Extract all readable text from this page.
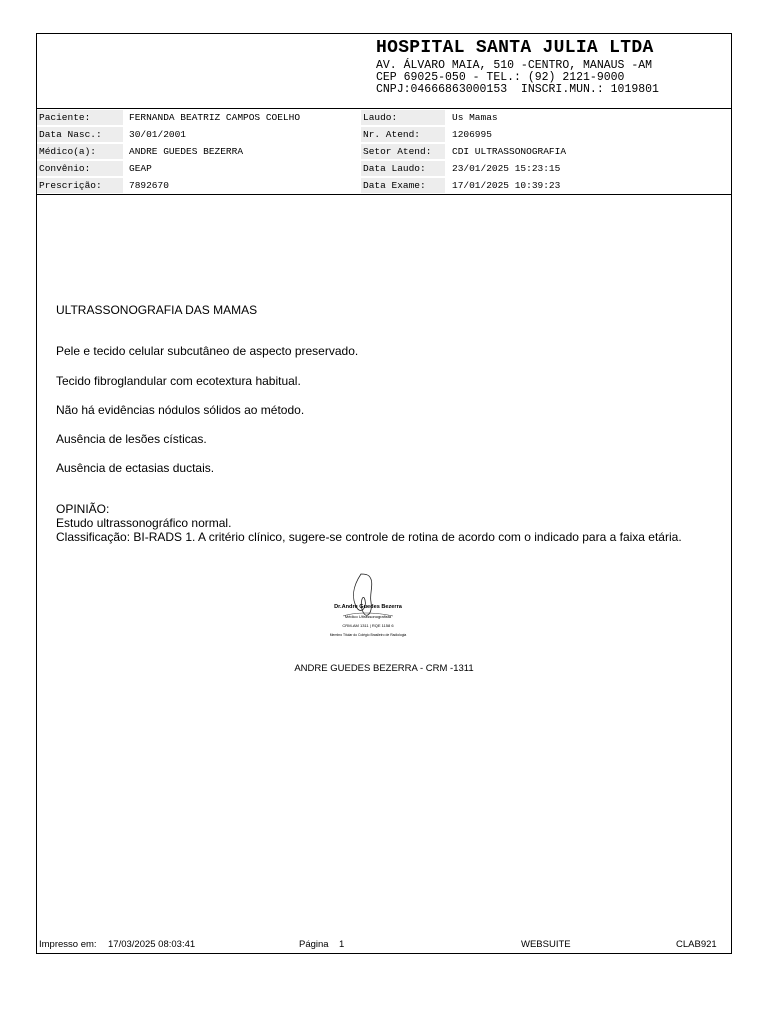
HOSPITAL SANTA JULIA LTDA
AV. ÁLVARO MAIA, 510 -CENTRO, MANAUS -AM
CEP 69025-050 - TEL.: (92) 2121-9000
CNPJ:04666863000153  INSCRI.MUN.: 1019801
Paciente:	FERNANDA BEATRIZ CAMPOS COELHO	Laudo:	Us Mamas
Data Nasc.:	30/01/2001	Nr. Atend:	1206995
Médico(a):	ANDRE GUEDES BEZERRA	Setor Atend:	CDI ULTRASSONOGRAFIA
Convênio:	GEAP	Data Laudo:	23/01/2025 15:23:15
Prescrição:	7892670	Data Exame:	17/01/2025 10:39:23
ULTRASSONOGRAFIA DAS MAMAS
Pele e tecido celular subcutâneo de aspecto preservado.
Tecido fibroglandular com ecotextura habitual.
Não há evidências nódulos sólidos ao método.
Ausência de lesões císticas.
Ausência de ectasias ductais.
OPINIÃO:
Estudo ultrassonográfico normal.
Classificação: BI-RADS 1. A critério clínico, sugere-se controle de rotina de acordo com o indicado para a faixa etária.
Dr.Andre Guedes Bezerra
Médico Ultrassonografista
CRM-AM 1311 | RQE 1158 6
Membro Titular do Colégio Brasileiro de Radiologia
ANDRE GUEDES BEZERRA - CRM -1311
Impresso em: 17/03/2025 08:03:41	Página 1	WEBSUITE	CLAB921
